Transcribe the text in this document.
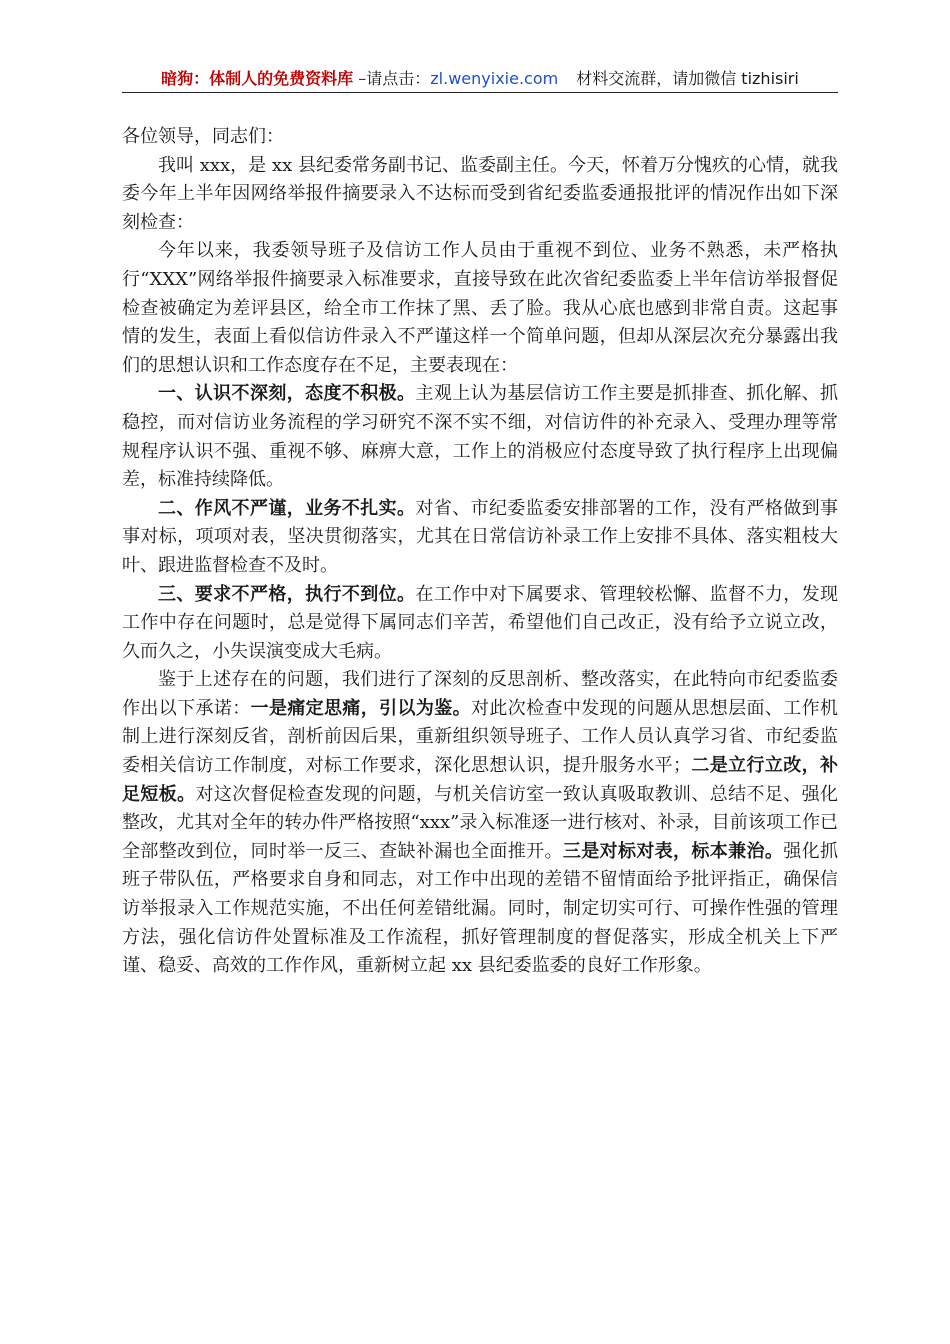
暗狗：体制人的免费资料库 –请点击：zl.wenyixie.com 材料交流群，请加微信 tizhisiri

各位领导，同志们：

我叫 xxx，是 xx 县纪委常务副书记、监委副主任。今天，怀着万分愧疚的心情，就我委今年上半年因网络举报件摘要录入不达标而受到省纪委监委通报批评的情况作出如下深刻检查：

今年以来，我委领导班子及信访工作人员由于重视不到位、业务不熟悉，未严格执行“XXX”网络举报件摘要录入标准要求，直接导致在此次省纪委监委上半年信访举报督促检查被确定为差评县区，给全市工作抹了黑、丢了脸。我从心底也感到非常自责。这起事情的发生，表面上看似信访件录入不严谨这样一个简单问题，但却从深层次充分暴露出我们的思想认识和工作态度存在不足，主要表现在：

一、认识不深刻，态度不积极。主观上认为基层信访工作主要是抓排查、抓化解、抓稳控，而对信访业务流程的学习研究不深不实不细，对信访件的补充录入、受理办理等常规程序认识不强、重视不够、麻痹大意，工作上的消极应付态度导致了执行程序上出现偏差，标准持续降低。

二、作风不严谨，业务不扎实。对省、市纪委监委安排部署的工作，没有严格做到事事对标，项项对表，坚决贯彻落实，尤其在日常信访补录工作上安排不具体、落实粗枝大叶、跟进监督检查不及时。

三、要求不严格，执行不到位。在工作中对下属要求、管理较松懈、监督不力，发现工作中存在问题时，总是觉得下属同志们辛苦，希望他们自己改正，没有给予立说立改，久而久之，小失误演变成大毛病。

鉴于上述存在的问题，我们进行了深刻的反思剖析、整改落实，在此特向市纪委监委作出以下承诺：一是痛定思痛，引以为鉴。对此次检查中发现的问题从思想层面、工作机制上进行深刻反省，剖析前因后果，重新组织领导班子、工作人员认真学习省、市纪委监委相关信访工作制度，对标工作要求，深化思想认识，提升服务水平；二是立行立改，补足短板。对这次督促检查发现的问题，与机关信访室一致认真吸取教训、总结不足、强化整改，尤其对全年的转办件严格按照“xxx”录入标准逐一进行核对、补录，目前该项工作已全部整改到位，同时举一反三、查缺补漏也全面推开。三是对标对表，标本兼治。强化抓班子带队伍，严格要求自身和同志，对工作中出现的差错不留情面给予批评指正，确保信访举报录入工作规范实施，不出任何差错纰漏。同时，制定切实可行、可操作性强的管理方法，强化信访件处置标准及工作流程，抓好管理制度的督促落实，形成全机关上下严谨、稳妥、高效的工作作风，重新树立起 xx 县纪委监委的良好工作形象。
